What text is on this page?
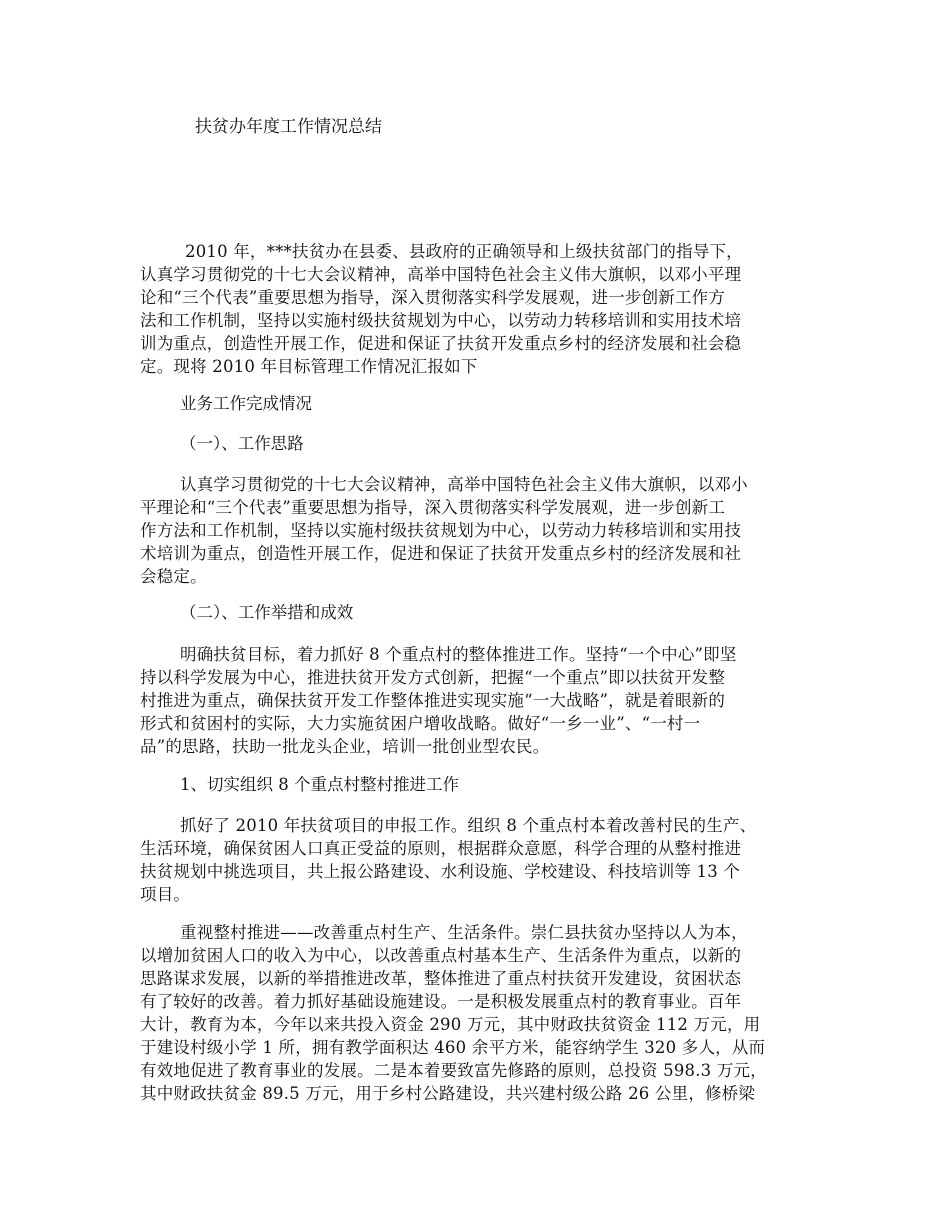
扶贫办年度工作情况总结
2010 年，***扶贫办在县委、县政府的正确领导和上级扶贫部门的指导下，
认真学习贯彻党的十七大会议精神，高举中国特色社会主义伟大旗帜，以邓小平理
论和“三个代表”重要思想为指导，深入贯彻落实科学发展观，进一步创新工作方
法和工作机制，坚持以实施村级扶贫规划为中心，以劳动力转移培训和实用技术培
训为重点，创造性开展工作，促进和保证了扶贫开发重点乡村的经济发展和社会稳
定。现将 2010 年目标管理工作情况汇报如下
业务工作完成情况
（一）、工作思路
认真学习贯彻党的十七大会议精神，高举中国特色社会主义伟大旗帜，以邓小
平理论和“三个代表”重要思想为指导，深入贯彻落实科学发展观，进一步创新工
作方法和工作机制，坚持以实施村级扶贫规划为中心，以劳动力转移培训和实用技
术培训为重点，创造性开展工作，促进和保证了扶贫开发重点乡村的经济发展和社
会稳定。
（二）、工作举措和成效
明确扶贫目标，着力抓好 8 个重点村的整体推进工作。坚持“一个中心”即坚
持以科学发展为中心，推进扶贫开发方式创新，把握“一个重点”即以扶贫开发整
村推进为重点，确保扶贫开发工作整体推进实现实施“一大战略”，就是着眼新的
形式和贫困村的实际，大力实施贫困户增收战略。做好“一乡一业”、“一村一
品”的思路，扶助一批龙头企业，培训一批创业型农民。
1、切实组织 8 个重点村整村推进工作
抓好了 2010 年扶贫项目的申报工作。组织 8 个重点村本着改善村民的生产、
生活环境，确保贫困人口真正受益的原则，根据群众意愿，科学合理的从整村推进
扶贫规划中挑选项目，共上报公路建设、水利设施、学校建设、科技培训等 13 个
项目。
重视整村推进——改善重点村生产、生活条件。崇仁县扶贫办坚持以人为本，
以增加贫困人口的收入为中心，以改善重点村基本生产、生活条件为重点，以新的
思路谋求发展，以新的举措推进改革，整体推进了重点村扶贫开发建设，贫困状态
有了较好的改善。着力抓好基础设施建设。一是积极发展重点村的教育事业。百年
大计，教育为本，今年以来共投入资金 290 万元，其中财政扶贫资金 112 万元，用
于建设村级小学 1 所，拥有教学面积达 460 余平方米，能容纳学生 320 多人，从而
有效地促进了教育事业的发展。二是本着要致富先修路的原则，总投资 598.3 万元，
其中财政扶贫金 89.5 万元，用于乡村公路建设，共兴建村级公路 26 公里，修桥梁
